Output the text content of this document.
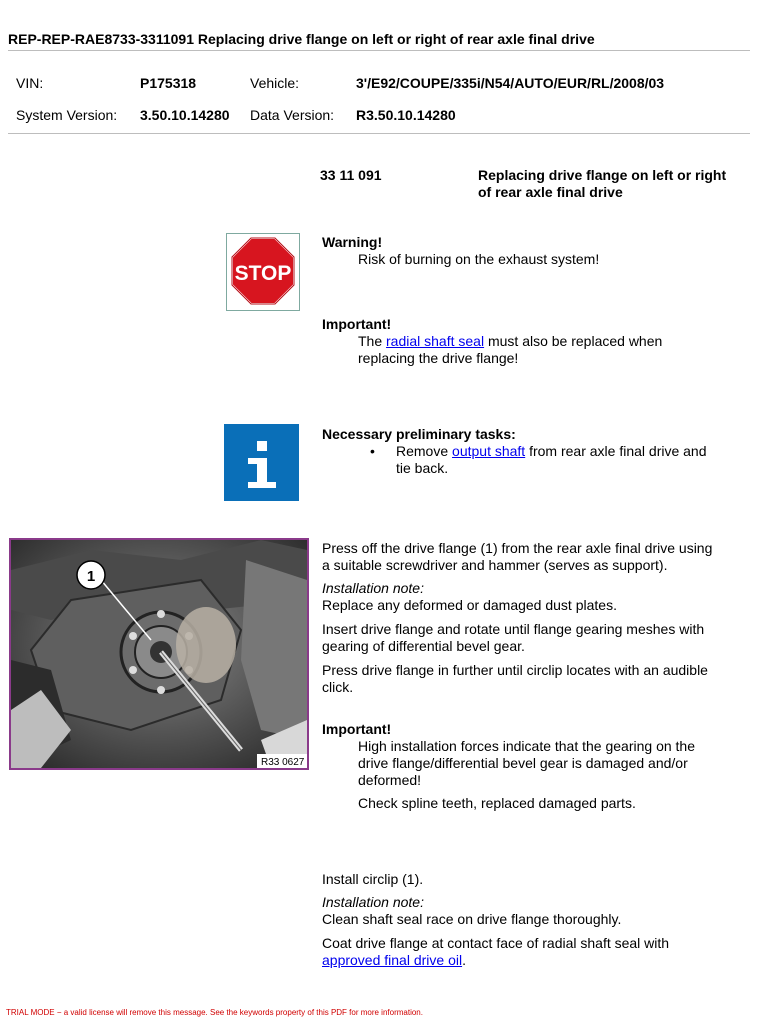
REP-REP-RAE8733-3311091 Replacing drive flange on left or right of rear axle final drive
VIN:	P175318	Vehicle:	3'/E92/COUPE/335i/N54/AUTO/EUR/RL/2008/03
System Version: 3.50.10.14280 Data Version: R3.50.10.14280
33 11 091	Replacing drive flange on left or right
of rear axle final drive
STOP
Warning!
Risk of burning on the exhaust system!
Important!
The radial shaft seal must also be replaced when
replacing the drive flange!
Necessary preliminary tasks:
• Remove output shaft from rear axle final drive and
tie back.
1
R33 0627

Press off the drive flange (1) from the rear axle final drive using
a suitable screwdriver and hammer (serves as support).

Installation note:

Replace any deformed or damaged dust plates.

Insert drive flange and rotate until flange gearing meshes with
gearing of differential bevel gear.

Press drive flange in further until circlip locates with an audible
click.

Important!
High installation forces indicate that the gearing on the
drive flange/differential bevel gear is damaged and/or
deformed!
Check spline teeth, replaced damaged parts.

Install circlip (1).

Installation note:

Clean shaft seal race on drive flange thoroughly.

Coat drive flange at contact face of radial shaft seal with
approved final drive oil.

TRIAL MODE − a valid license will remove this message. See the keywords property of this PDF for more information.
